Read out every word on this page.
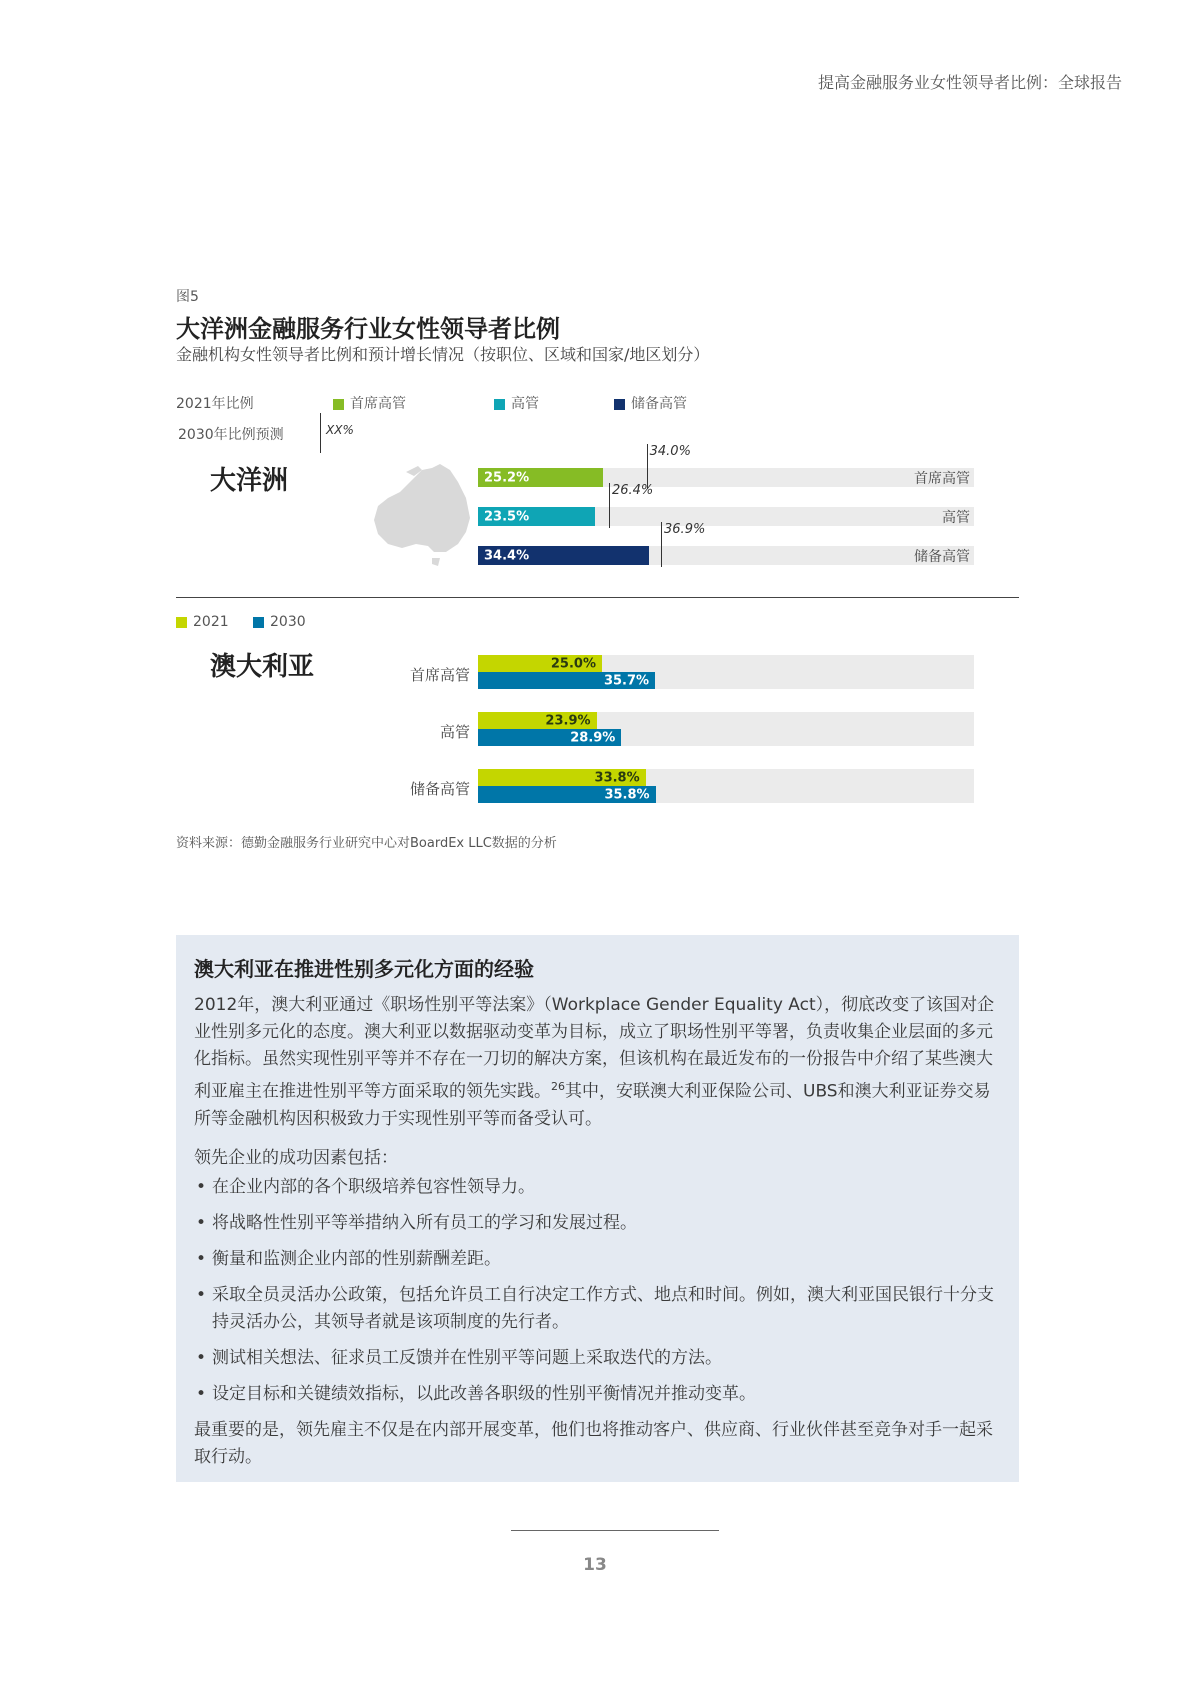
提高金融服务业女性领导者比例：全球报告
图5
大洋洲金融服务行业女性领导者比例
金融机构女性领导者比例和预计增长情况（按职位、区域和国家/地区划分）
2021年比例	首席高管	高管	储备高管
2030年比例预测	XX%
大洋洲	25.2%	首席高管
34.0%
23.5%	高管
26.4%
34.4%	储备高管
36.9%
2021	2030
澳大利亚	首席高管
25.0%
35.7%
高管
23.9%
28.9%
储备高管
33.8%
35.8%
资料来源：德勤金融服务行业研究中心对BoardEx LLC数据的分析
澳大利亚在推进性别多元化方面的经验
2012年，澳大利亚通过《职场性别平等法案》（Workplace Gender Equality Act），彻底改变了该国对企业性别多元化的态度。澳大利亚以数据驱动变革为目标，成立了职场性别平等署，负责收集企业层面的多元化指标。虽然实现性别平等并不存在一刀切的解决方案，但该机构在最近发布的一份报告中介绍了某些澳大利亚雇主在推进性别平等方面采取的领先实践。$^{26}$其中，安联澳大利亚保险公司、UBS和澳大利亚证券交易所等金融机构因积极致力于实现性别平等而备受认可。
领先企业的成功因素包括：
• 在企业内部的各个职级培养包容性领导力。
• 将战略性性别平等举措纳入所有员工的学习和发展过程。
• 衡量和监测企业内部的性别薪酬差距。
• 采取全员灵活办公政策，包括允许员工自行决定工作方式、地点和时间。例如，澳大利亚国民银行十分支持灵活办公，其领导者就是该项制度的先行者。
• 测试相关想法、征求员工反馈并在性别平等问题上采取迭代的方法。
• 设定目标和关键绩效指标，以此改善各职级的性别平衡情况并推动变革。
最重要的是，领先雇主不仅是在内部开展变革，他们也将推动客户、供应商、行业伙伴甚至竞争对手一起采取行动。
13
